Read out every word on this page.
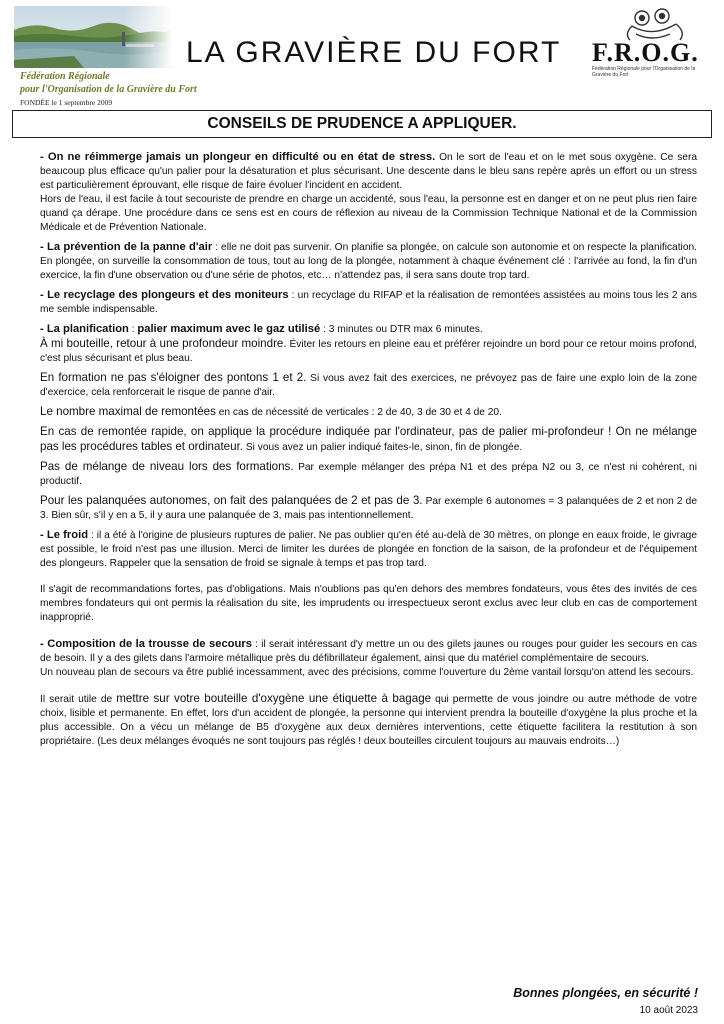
LA GRAVIÈRE DU FORT F.R.O.G.
Fédération Régionale pour l'Organisation de la Gravière du Fort
Fédération Régionale
pour l'Organisation de la Gravière du Fort
FONDÉE le 1 septembre 2009
CONSEILS DE PRUDENCE A APPLIQUER.

- On ne réimmerge jamais un plongeur en difficulté ou en état de stress. On le sort de l'eau et on le met sous oxygène. Ce sera beaucoup plus efficace qu'un palier pour la désaturation et plus sécurisant. Une descente dans le bleu sans repère après un effort ou un stress est particulièrement éprouvant, elle risque de faire évoluer l'incident en accident.

Hors de l'eau, il est facile à tout secouriste de prendre en charge un accidenté, sous l'eau, la personne est en danger et on ne peut plus rien faire quand ça dérape. Une procédure dans ce sens est en cours de réflexion au niveau de la Commission Technique National et de la Commission Médicale et de Prévention Nationale.

- La prévention de la panne d'air : elle ne doit pas survenir. On planifie sa plongée, on calcule son autonomie et on respecte la planification. En plongée, on surveille la consommation de tous, tout au long de la plongée, notamment à chaque événement clé : l'arrivée au fond, la fin d'un exercice, la fin d'une observation ou d'une série de photos, etc… n'attendez pas, il sera sans doute trop tard.

- Le recyclage des plongeurs et des moniteurs : un recyclage du RIFAP et la réalisation de remontées assistées au moins tous les 2 ans me semble indispensable.

- La planification : palier maximum avec le gaz utilisé : 3 minutes ou DTR max 6 minutes.

À mi bouteille, retour à une profondeur moindre. Éviter les retours en pleine eau et préférer rejoindre un bord pour ce retour moins profond, c'est plus sécurisant et plus beau.

En formation ne pas s'éloigner des pontons 1 et 2. Si vous avez fait des exercices, ne prévoyez pas de faire une explo loin de la zone d'exercice, cela renforcerait le risque de panne d'air.

Le nombre maximal de remontées en cas de nécessité de verticales : 2 de 40, 3 de 30 et 4 de 20.

En cas de remontée rapide, on applique la procédure indiquée par l'ordinateur, pas de palier mi-profondeur ! On ne mélange pas les procédures tables et ordinateur. Si vous avez un palier indiqué faites-le, sinon, fin de plongée.

Pas de mélange de niveau lors des formations. Par exemple mélanger des prépa N1 et des prépa N2 ou 3, ce n'est ni cohérent, ni productif.

Pour les palanquées autonomes, on fait des palanquées de 2 et pas de 3. Par exemple 6 autonomes = 3 palanquées de 2 et non 2 de 3. Bien sûr, s'il y en a 5, il y aura une palanquée de 3, mais pas intentionnellement.

- Le froid : il a été à l'origine de plusieurs ruptures de palier. Ne pas oublier qu'en été au-delà de 30 mètres, on plonge en eaux froide, le givrage est possible, le froid n'est pas une illusion. Merci de limiter les durées de plongée en fonction de la saison, de la profondeur et de l'équipement des plongeurs. Rappeler que la sensation de froid se signale à temps et pas trop tard.

Il s'agit de recommandations fortes, pas d'obligations. Mais n'oublions pas qu'en dehors des membres fondateurs, vous êtes des invités de ces membres fondateurs qui ont permis la réalisation du site, les imprudents ou irrespectueux seront exclus avec leur club en cas de comportement inapproprié.

- Composition de la trousse de secours : il serait intéressant d'y mettre un ou des gilets jaunes ou rouges pour guider les secours en cas de besoin. Il y a des gilets dans l'armoire métallique près du défibrillateur également, ainsi que du matériel complémentaire de secours.

Un nouveau plan de secours va être publié incessamment, avec des précisions, comme l'ouverture du 2ème vantail lorsqu'on attend les secours.

Il serait utile de mettre sur votre bouteille d'oxygène une étiquette à bagage qui permette de vous joindre ou autre méthode de votre choix, lisible et permanente. En effet, lors d'un accident de plongée, la personne qui intervient prendra la bouteille d'oxygène la plus proche et la plus accessible. On a vécu un mélange de B5 d'oxygène aux deux dernières interventions, cette étiquette facilitera la restitution à son propriétaire. (Les deux mélanges évoqués ne sont toujours pas réglés ! deux bouteilles circulent toujours au mauvais endroits…)

Bonnes plongées, en sécurité !
10 août 2023
